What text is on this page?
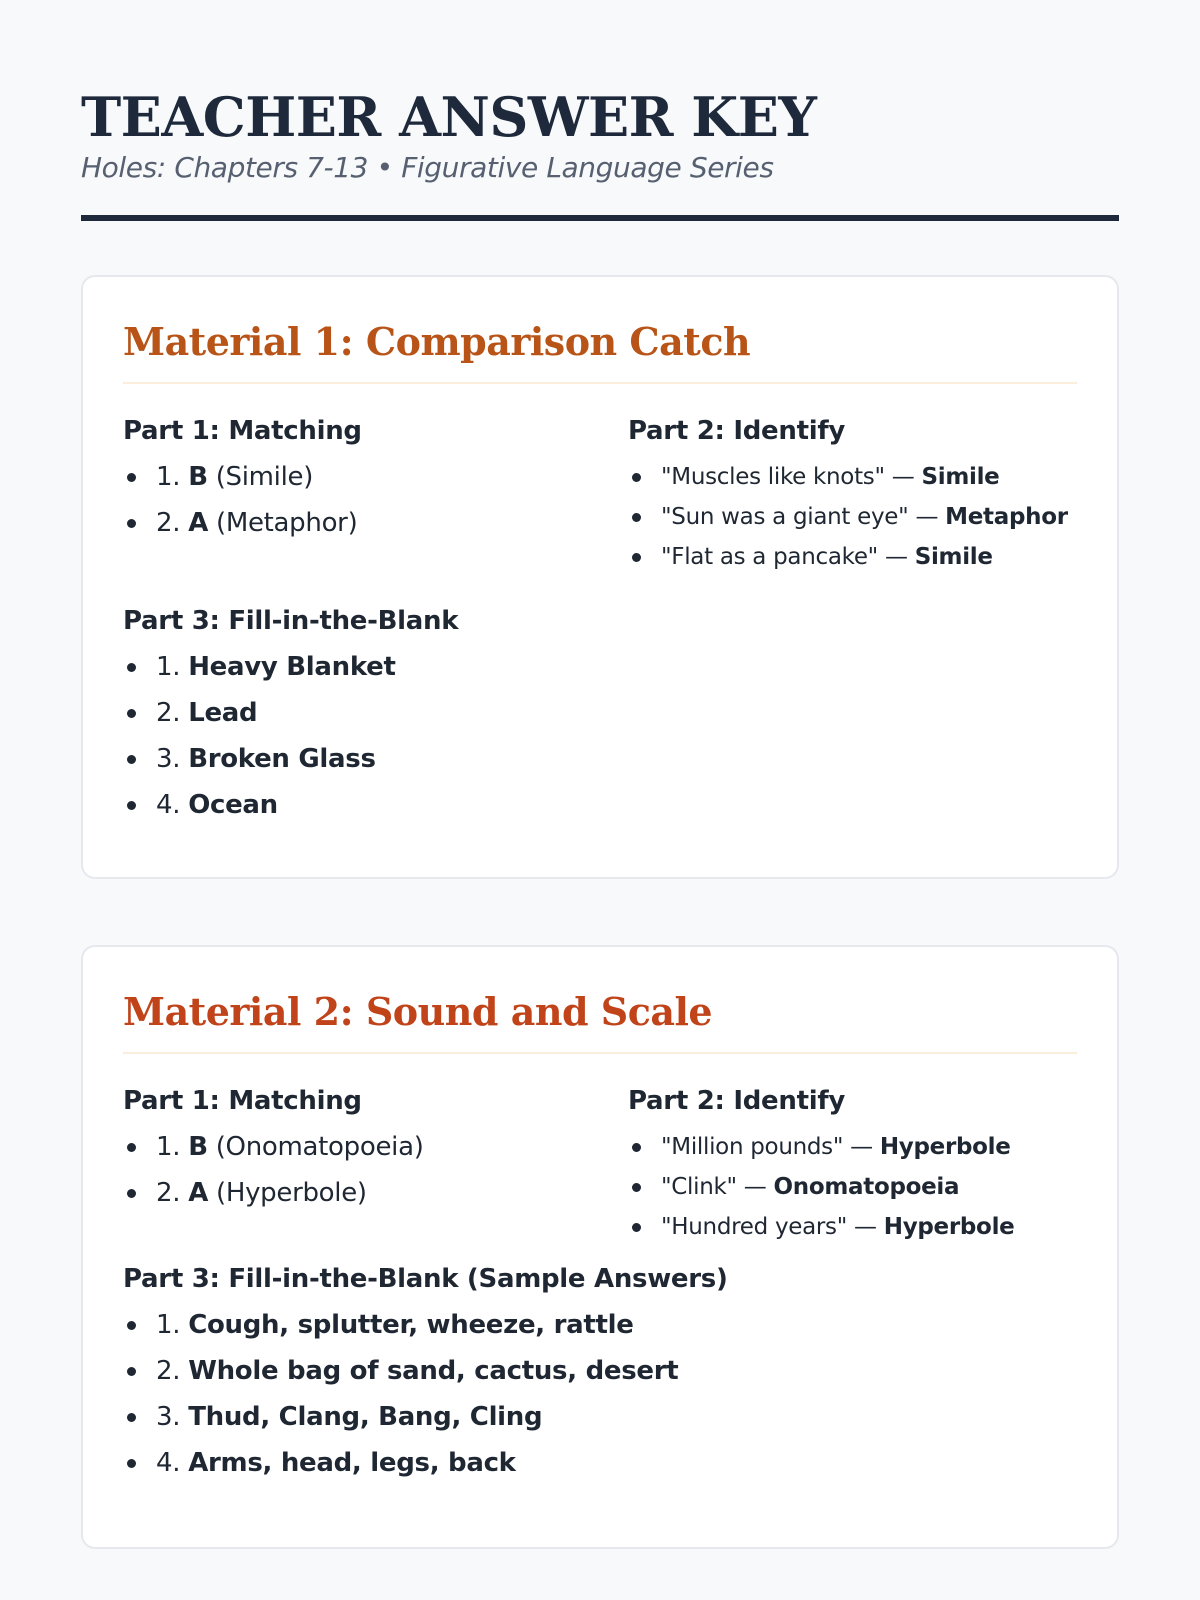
TEACHER ANSWER KEY
Holes: Chapters 7-13 • Figurative Language Series
Material 1: Comparison Catch
Part 1: Matching
1. B (Simile)
2. A (Metaphor)
Part 2: Identify
"Muscles like knots" — Simile
"Sun was a giant eye" — Metaphor
"Flat as a pancake" — Simile
Part 3: Fill-in-the-Blank
1. Heavy Blanket
2. Lead
3. Broken Glass
4. Ocean
Material 2: Sound and Scale
Part 1: Matching
1. B (Onomatopoeia)
2. A (Hyperbole)
Part 2: Identify
"Million pounds" — Hyperbole
"Clink" — Onomatopoeia
"Hundred years" — Hyperbole
Part 3: Fill-in-the-Blank (Sample Answers)
1. Cough, splutter, wheeze, rattle
2. Whole bag of sand, cactus, desert
3. Thud, Clang, Bang, Cling
4. Arms, head, legs, back
